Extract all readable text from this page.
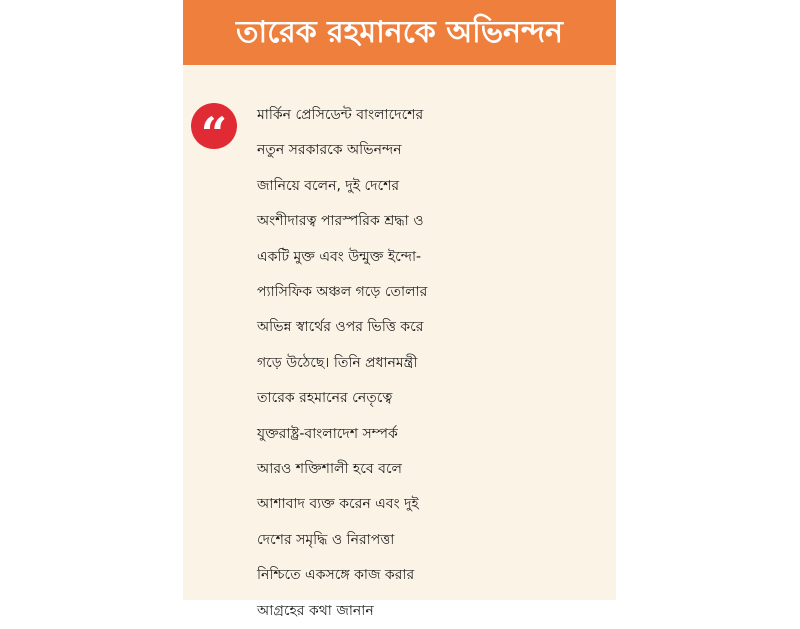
তারেক রহমানকে অভিনন্দন
“ মার্কিন প্রেসিডেন্ট বাংলাদেশের
নতুন সরকারকে অভিনন্দন
জানিয়ে বলেন, দুই দেশের
অংশীদারত্ব পারস্পরিক শ্রদ্ধা ও
একটি মুক্ত এবং উন্মুক্ত ইন্দো-
প্যাসিফিক অঞ্চল গড়ে তোলার
অভিন্ন স্বার্থের ওপর ভিত্তি করে
গড়ে উঠেছে। তিনি প্রধানমন্ত্রী
তারেক রহমানের নেতৃত্বে
যুক্তরাষ্ট্র-বাংলাদেশ সম্পর্ক
আরও শক্তিশালী হবে বলে
আশাবাদ ব্যক্ত করেন এবং দুই
দেশের সমৃদ্ধি ও নিরাপত্তা
নিশ্চিতে একসঙ্গে কাজ করার
আগ্রহের কথা জানান
